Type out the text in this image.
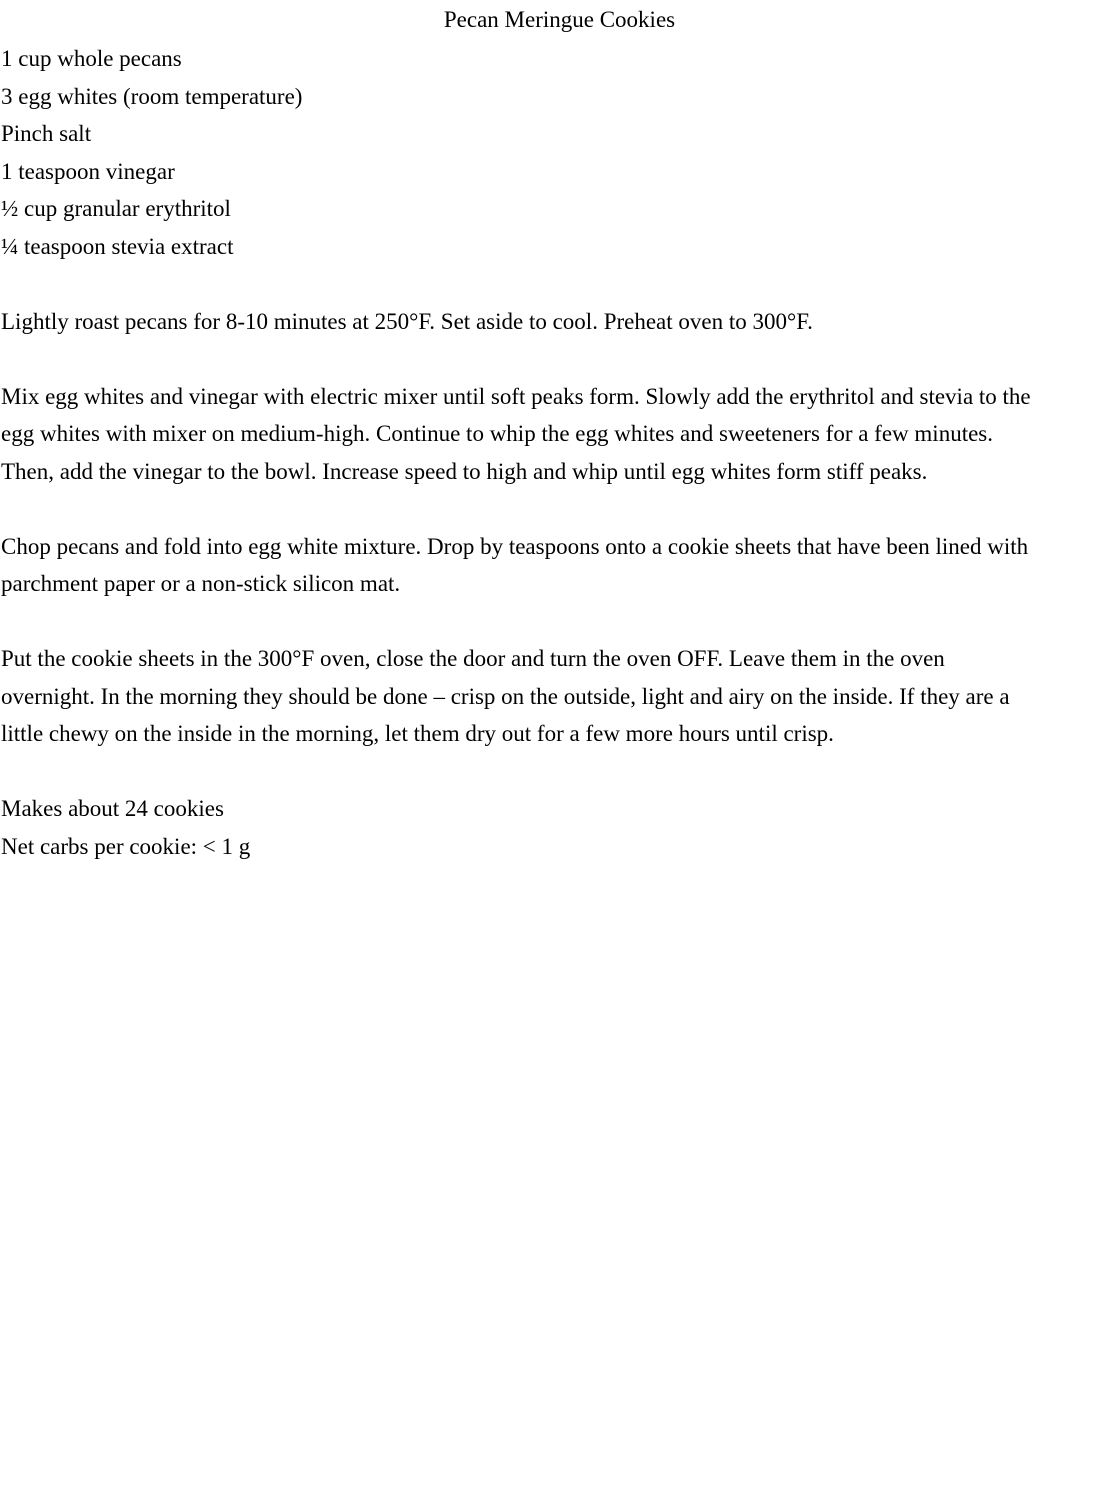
Pecan Meringue Cookies
1 cup whole pecans
3 egg whites (room temperature)
Pinch salt
1 teaspoon vinegar
½ cup granular erythritol
¼ teaspoon stevia extract
Lightly roast pecans for 8-10 minutes at 250°F. Set aside to cool. Preheat oven to 300°F.
Mix egg whites and vinegar with electric mixer until soft peaks form. Slowly add the erythritol and stevia to the
egg whites with mixer on medium-high. Continue to whip the egg whites and sweeteners for a few minutes.
Then, add the vinegar to the bowl. Increase speed to high and whip until egg whites form stiff peaks.
Chop pecans and fold into egg white mixture. Drop by teaspoons onto a cookie sheets that have been lined with
parchment paper or a non-stick silicon mat.
Put the cookie sheets in the 300°F oven, close the door and turn the oven OFF. Leave them in the oven
overnight. In the morning they should be done – crisp on the outside, light and airy on the inside. If they are a
little chewy on the inside in the morning, let them dry out for a few more hours until crisp.
Makes about 24 cookies
Net carbs per cookie: < 1 g
